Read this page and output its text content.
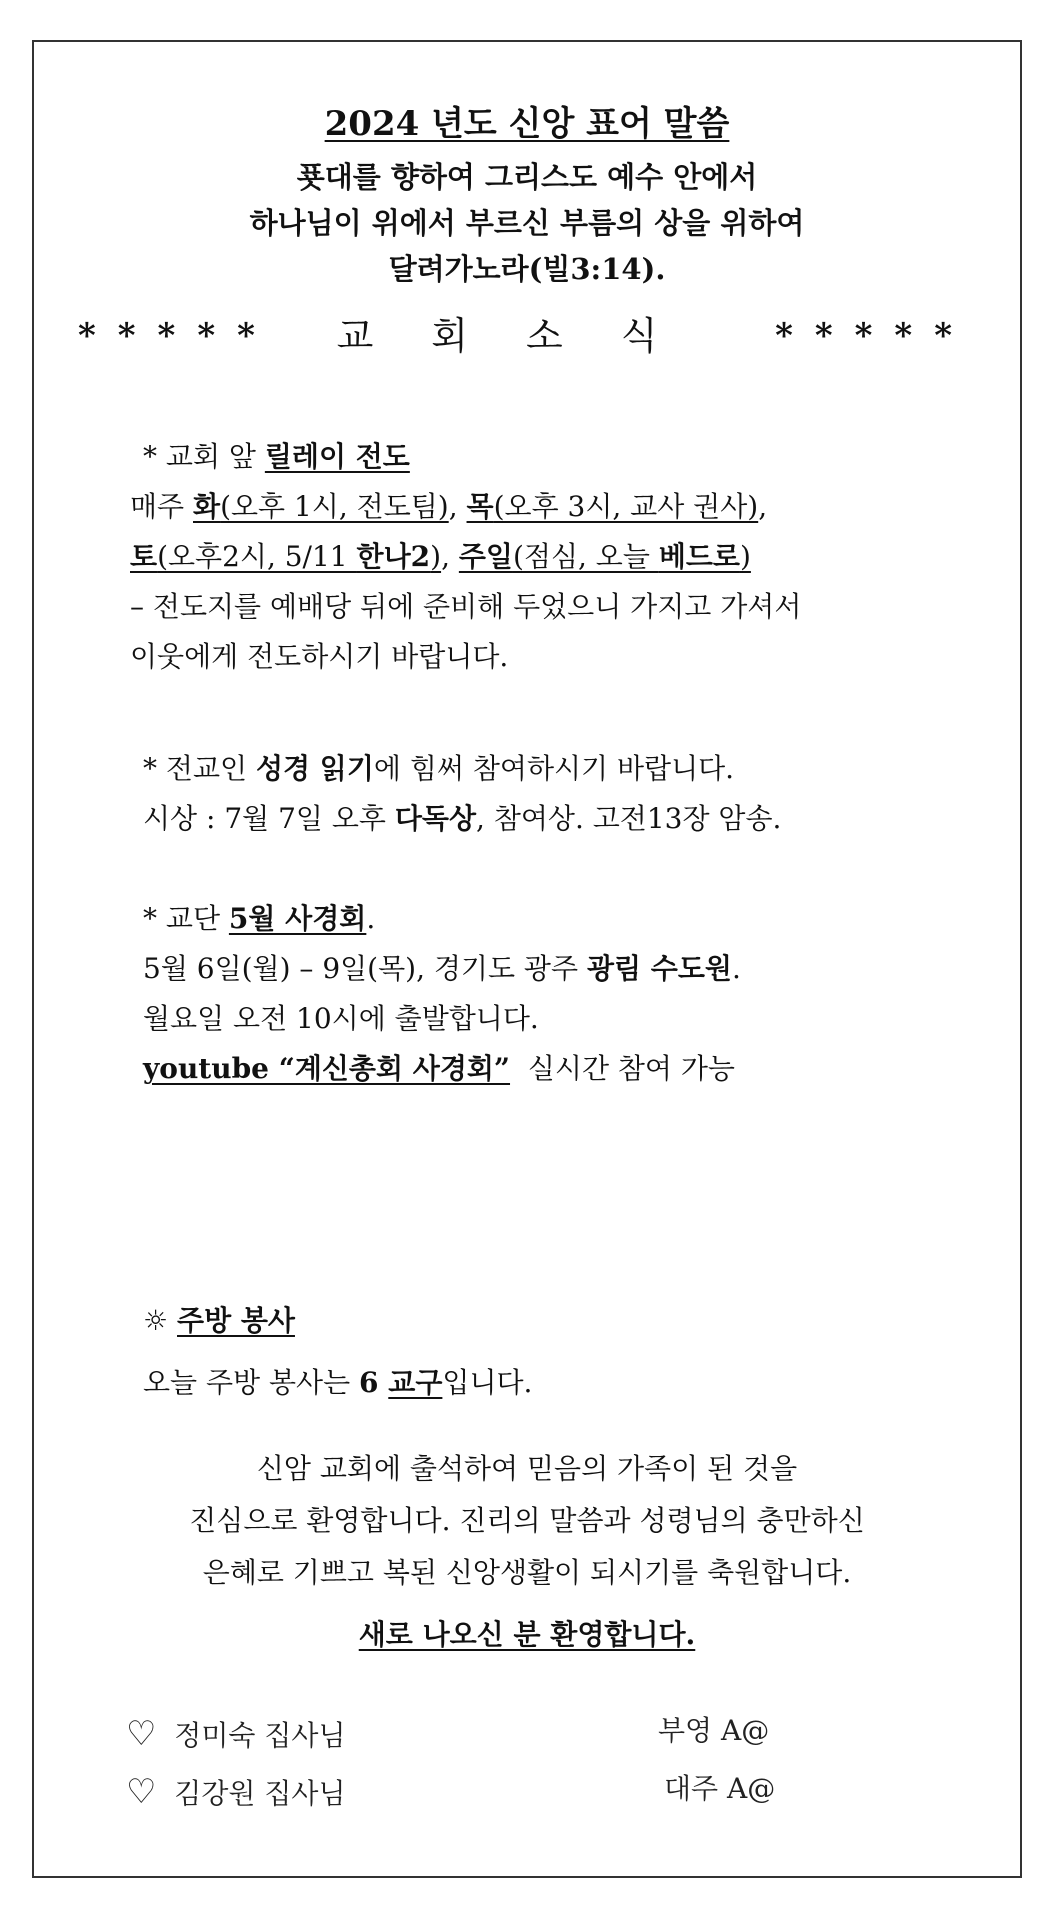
2024 년도 신앙 표어 말씀
푯대를 향하여 그리스도 예수 안에서
하나님이 위에서 부르신 부름의 상을 위하여
달려가노라(빌3:14).
***** 교회소식 *****
* 교회 앞 릴레이 전도
매주 화(오후 1시, 전도팀), 목(오후 3시, 교사 권사),
토(오후2시, 5/11 한나2), 주일(점심, 오늘 베드로)
– 전도지를 예배당 뒤에 준비해 두었으니 가지고 가셔서
이웃에게 전도하시기 바랍니다.
* 전교인 성경 읽기에 힘써 참여하시기 바랍니다.
시상 : 7월 7일 오후 다독상, 참여상. 고전13장 암송.
* 교단 5월 사경회.
5월 6일(월) – 9일(목), 경기도 광주 광림 수도원.
월요일 오전 10시에 출발합니다.
youtube “계신총회 사경회” 실시간 참여 가능
☼ 주방 봉사
오늘 주방 봉사는 6 교구입니다.
신암 교회에 출석하여 믿음의 가족이 된 것을
진심으로 환영합니다. 진리의 말씀과 성령님의 충만하신
은혜로 기쁘고 복된 신앙생활이 되시기를 축원합니다.
새로 나오신 분 환영합니다.
♡ 정미숙 집사님	부영 A@
♡ 김강원 집사님	대주 A@
